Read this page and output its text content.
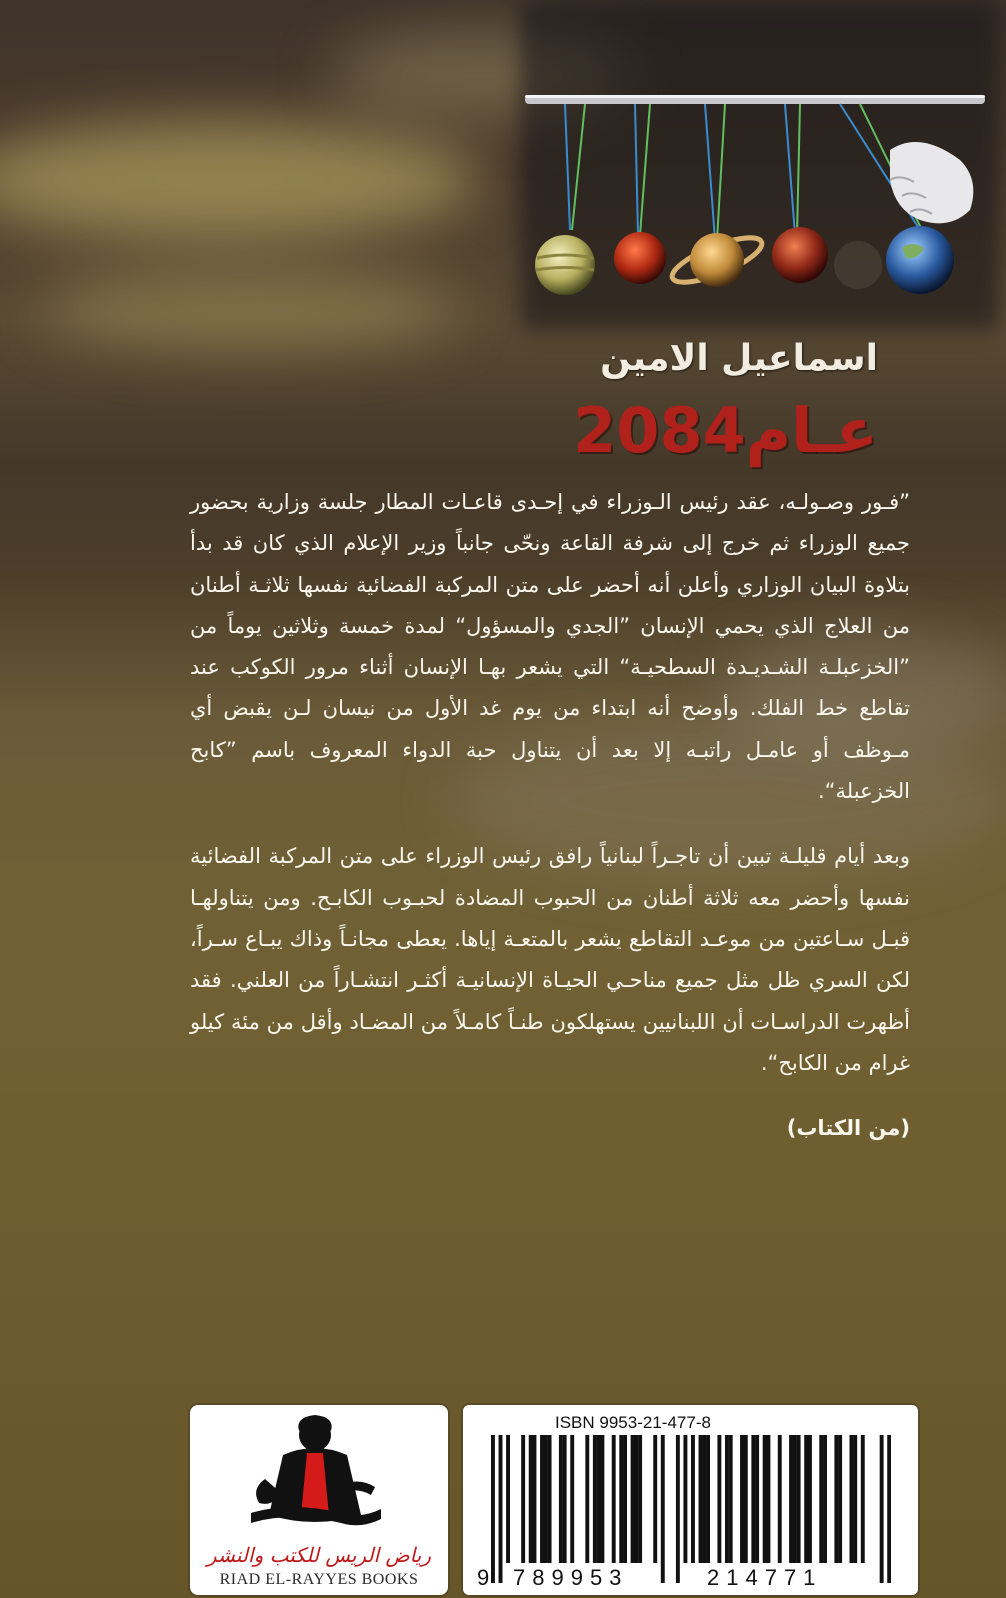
اسماعيل الامين
عـام2084

”فـور وصـولـه، عقد رئيس الـوزراء في إحـدى قاعـات المطار جلسة وزارية بحضور جميع الوزراء ثم خرج إلى شرفة القاعة ونحّى جانباً وزير الإعلام الذي كان قد بدأ بتلاوة البيان الوزاري وأعلن أنه أحضر على متن المركبة الفضائية نفسها ثلاثـة أطنان من العلاج الذي يحمي الإنسان ”الجدي والمسؤول“ لمدة خمسة وثلاثين يوماً من ”الخزعبلـة الشـديـدة السطحيـة“ التي يشعر بهـا الإنسان أثناء مرور الكوكب عند تقاطع خط الفلك. وأوضح أنه ابتداء من يوم غد الأول من نيسان لـن يقبض أي مـوظف أو عامـل راتبـه إلا بعد أن يتناول حبة الدواء المعروف باسم ”كابح الخزعبلة“.

وبعد أيام قليلـة تبين أن تاجـراً لبنانياً رافق رئيس الوزراء على متن المركبة الفضائية نفسها وأحضر معه ثلاثة أطنان من الحبوب المضادة لحبـوب الكابـح. ومن يتناولهـا قبـل سـاعتين من موعـد التقاطع يشعر بالمتعـة إياها. يعطى مجانـاً وذاك يبـاع سـراً، لكن السري ظل مثل جميع مناحـي الحيـاة الإنسانيـة أكثـر انتشـاراً من العلني. فقد أظهرت الدراسـات أن اللبنانيين يستهلكون طنـاً كامـلاً من المضـاد وأقل من مئة كيلو غرام من الكابح“.

(من الكتاب)

رياض الريس للكتب والنشر
RIAD EL-RAYYES BOOKS

ISBN 9953-21-477-8

9 789953	214771
